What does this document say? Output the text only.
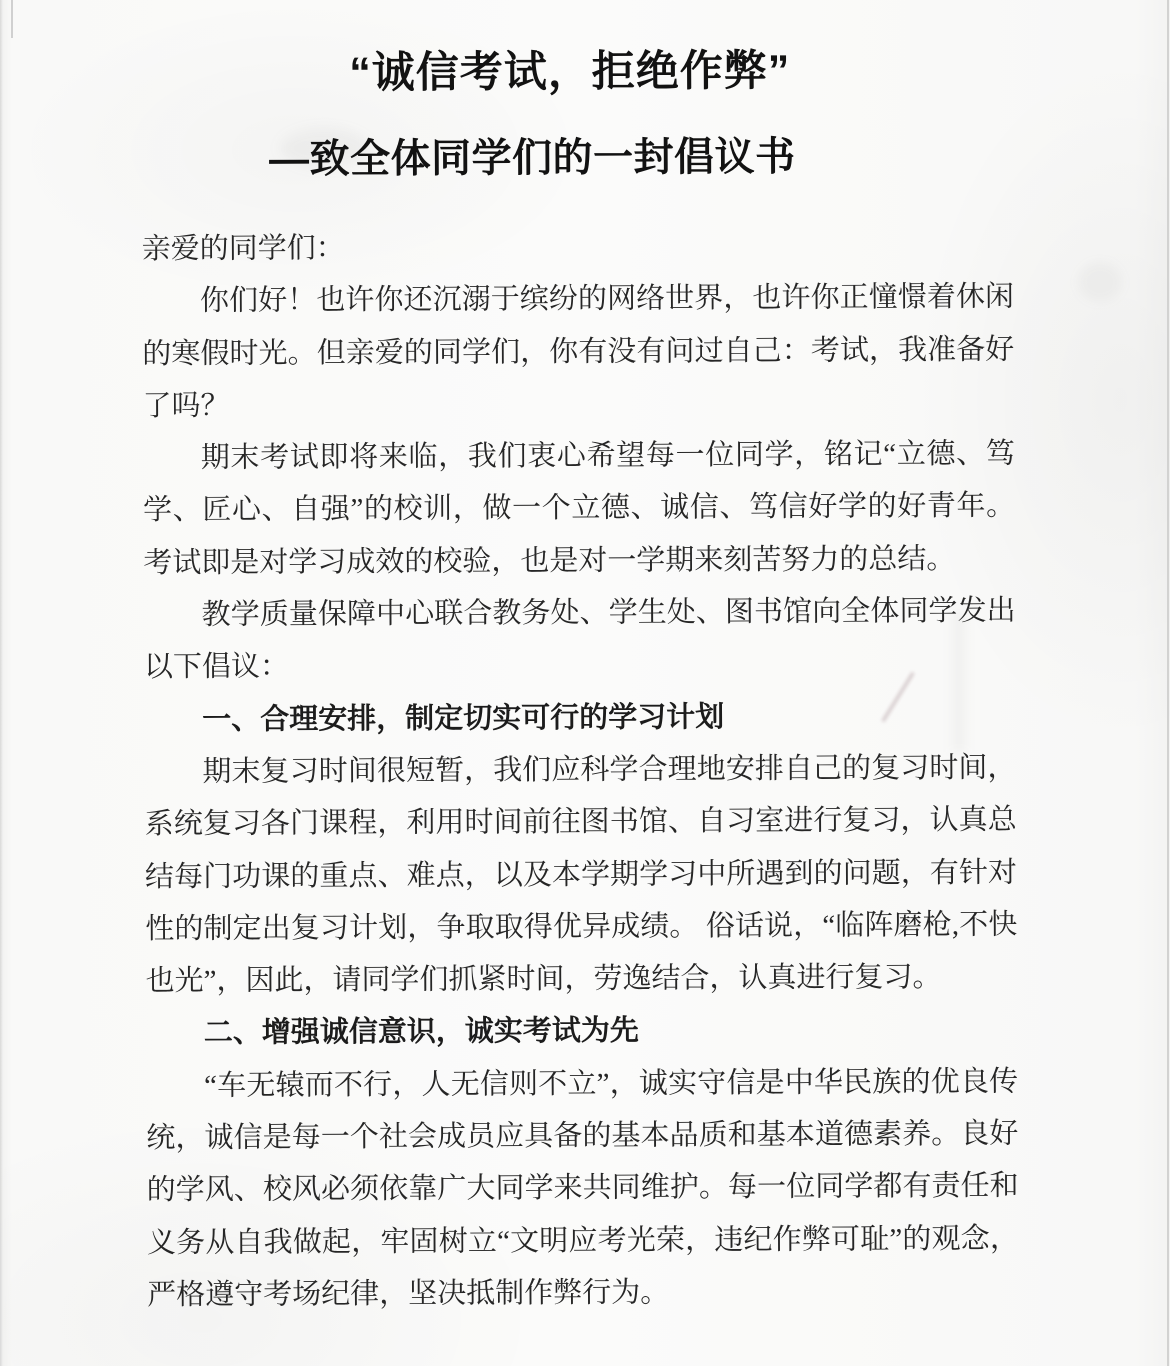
“诚信考试，拒绝作弊”
—致全体同学们的一封倡议书

亲爱的同学们：

你们好！也许你还沉溺于缤纷的网络世界，也许你正憧憬着休闲的寒假时光。但亲爱的同学们，你有没有问过自己：考试，我准备好了吗？

期末考试即将来临，我们衷心希望每一位同学，铭记“立德、笃学、匠心、自强”的校训，做一个立德、诚信、笃信好学的好青年。考试即是对学习成效的校验，也是对一学期来刻苦努力的总结。

教学质量保障中心联合教务处、学生处、图书馆向全体同学发出以下倡议：

一、合理安排，制定切实可行的学习计划

期末复习时间很短暂，我们应科学合理地安排自己的复习时间，系统复习各门课程，利用时间前往图书馆、自习室进行复习，认真总结每门功课的重点、难点，以及本学期学习中所遇到的问题，有针对性的制定出复习计划，争取取得优异成绩。 俗话说，“临阵磨枪,不快也光”，因此，请同学们抓紧时间，劳逸结合，认真进行复习。

二、增强诚信意识，诚实考试为先

“车无辕而不行，人无信则不立”，诚实守信是中华民族的优良传统，诚信是每一个社会成员应具备的基本品质和基本道德素养。良好的学风、校风必须依靠广大同学来共同维护。每一位同学都有责任和义务从自我做起，牢固树立“文明应考光荣，违纪作弊可耻”的观念，严格遵守考场纪律，坚决抵制作弊行为。
